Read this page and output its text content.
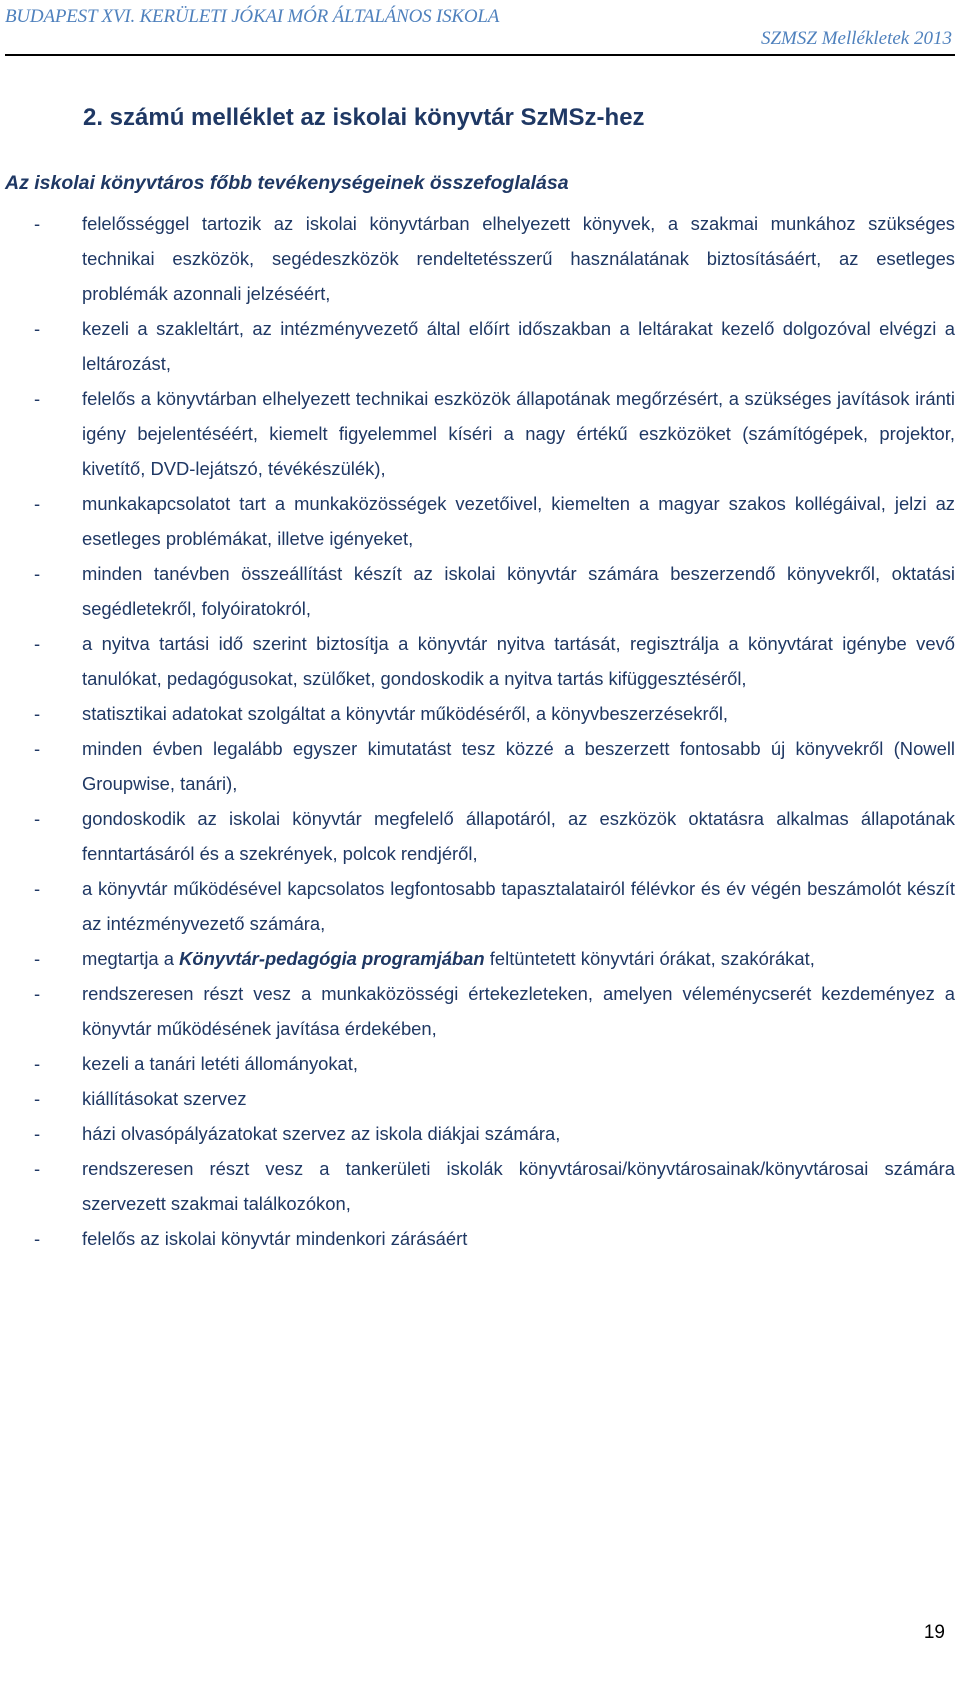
BUDAPEST XVI. KERÜLETI JÓKAI MÓR ÁLTALÁNOS ISKOLA
SZMSZ Mellékletek 2013
2. számú melléklet az iskolai könyvtár SzMSz-hez
Az iskolai könyvtáros főbb tevékenységeinek összefoglalása
- felelősséggel tartozik az iskolai könyvtárban elhelyezett könyvek, a szakmai munkához szükséges technikai eszközök, segédeszközök rendeltetésszerű használatának biztosításáért, az esetleges problémák azonnali jelzéséért,
- kezeli a szakleltárt, az intézményvezető által előírt időszakban a leltárakat kezelő dolgozóval elvégzi a leltározást,
- felelős a könyvtárban elhelyezett technikai eszközök állapotának megőrzésért, a szükséges javítások iránti igény bejelentéséért, kiemelt figyelemmel kíséri a nagy értékű eszközöket (számítógépek, projektor, kivetítő, DVD-lejátszó, tévékészülék),
- munkakapcsolatot tart a munkaközösségek vezetőivel, kiemelten a magyar szakos kollégáival, jelzi az esetleges problémákat, illetve igényeket,
- minden tanévben összeállítást készít az iskolai könyvtár számára beszerzendő könyvekről, oktatási segédletekről, folyóiratokról,
- a nyitva tartási idő szerint biztosítja a könyvtár nyitva tartását, regisztrálja a könyvtárat igénybe vevő tanulókat, pedagógusokat, szülőket, gondoskodik a nyitva tartás kifüggesztéséről,
- statisztikai adatokat szolgáltat a könyvtár működéséről, a könyvbeszerzésekről,
- minden évben legalább egyszer kimutatást tesz közzé a beszerzett fontosabb új könyvekről (Nowell Groupwise, tanári),
- gondoskodik az iskolai könyvtár megfelelő állapotáról, az eszközök oktatásra alkalmas állapotának fenntartásáról és a szekrények, polcok rendjéről,
- a könyvtár működésével kapcsolatos legfontosabb tapasztalatairól félévkor és év végén beszámolót készít az intézményvezető számára,
- megtartja a Könyvtár-pedagógia programjában feltüntetett könyvtári órákat, szakórákat,
- rendszeresen részt vesz a munkaközösségi értekezleteken, amelyen véleménycserét kezdeményez a könyvtár működésének javítása érdekében,
- kezeli a tanári letéti állományokat,
- kiállításokat szervez
- házi olvasópályázatokat szervez az iskola diákjai számára,
- rendszeresen részt vesz a tankerületi iskolák könyvtárosai/könyvtárosainak/könyvtárosai számára szervezett szakmai találkozókon,
- felelős az iskolai könyvtár mindenkori zárásáért
19
